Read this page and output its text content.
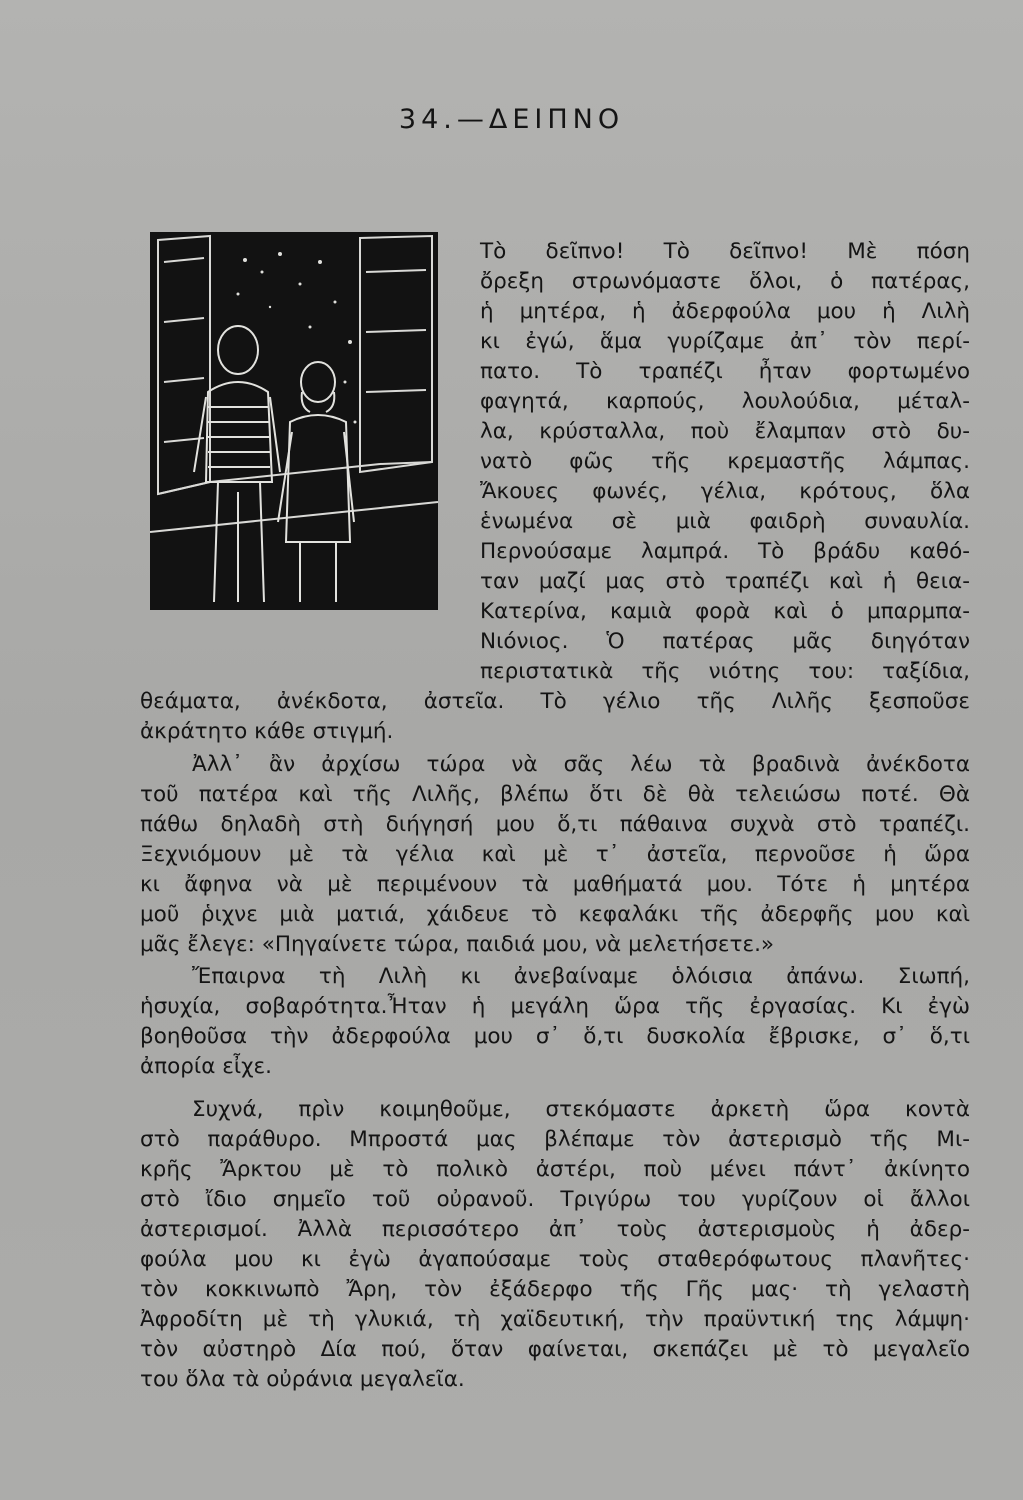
34.—ΔΕΙΠΝΟ
Τὸ δεῖπνο! Τὸ δεῖπνο! Μὲ πόση
ὄρεξη στρωνόμαστε ὅλοι, ὁ πατέρας,
ἡ μητέρα, ἡ ἀδερφούλα μου ἡ Λιλὴ
κι ἐγώ, ἅμα γυρίζαμε ἀπ᾽ τὸν περί-
πατο. Τὸ τραπέζι ἦταν φορτωμένο
φαγητά, καρπούς, λουλούδια, μέταλ-
λα, κρύσταλλα, ποὺ ἔλαμπαν στὸ δυ-
νατὸ φῶς τῆς κρεμαστῆς λάμπας.
Ἄκουες φωνές, γέλια, κρότους, ὅλα
ἑνωμένα σὲ μιὰ φαιδρὴ συναυλία.
Περνούσαμε λαμπρά. Τὸ βράδυ καθό-
ταν μαζί μας στὸ τραπέζι καὶ ἡ θεια-
Κατερίνα, καμιὰ φορὰ καὶ ὁ μπαρμπα-
Νιόνιος. Ὁ πατέρας μᾶς διηγόταν
περιστατικὰ τῆς νιότης του: ταξίδια,
θεάματα, ἀνέκδοτα, ἀστεῖα. Τὸ γέλιο τῆς Λιλῆς ξεσποῦσε
ἀκράτητο κάθε στιγμή.
Ἀλλ᾽ ἂν ἀρχίσω τώρα νὰ σᾶς λέω τὰ βραδινὰ ἀνέκδοτα
τοῦ πατέρα καὶ τῆς Λιλῆς, βλέπω ὅτι δὲ θὰ τελειώσω ποτέ. Θὰ
πάθω δηλαδὴ στὴ διήγησή μου ὅ,τι πάθαινα συχνὰ στὸ τραπέζι.
Ξεχνιόμουν μὲ τὰ γέλια καὶ μὲ τ᾽ ἀστεῖα, περνοῦσε ἡ ὥρα
κι ἄφηνα νὰ μὲ περιμένουν τὰ μαθήματά μου. Τότε ἡ μητέρα
μοῦ ῥιχνε μιὰ ματιά, χάιδευε τὸ κεφαλάκι τῆς ἀδερφῆς μου καὶ
μᾶς ἔλεγε: «Πηγαίνετε τώρα, παιδιά μου, νὰ μελετήσετε.»
Ἔπαιρνα τὴ Λιλὴ κι ἀνεβαίναμε ὁλόισια ἀπάνω. Σιωπή,
ἡσυχία, σοβαρότητα.Ἦταν ἡ μεγάλη ὥρα τῆς ἐργασίας. Κι ἐγὼ
βοηθοῦσα τὴν ἀδερφούλα μου σ᾽ ὅ,τι δυσκολία ἔβρισκε, σ᾽ ὅ,τι
ἀπορία εἶχε.
Συχνά, πρὶν κοιμηθοῦμε, στεκόμαστε ἀρκετὴ ὥρα κοντὰ
στὸ παράθυρο. Μπροστά μας βλέπαμε τὸν ἀστερισμὸ τῆς Μι-
κρῆς Ἄρκτου μὲ τὸ πολικὸ ἀστέρι, ποὺ μένει πάντ᾽ ἀκίνητο
στὸ ἴδιο σημεῖο τοῦ οὐρανοῦ. Τριγύρω του γυρίζουν οἱ ἄλλοι
ἀστερισμοί. Ἀλλὰ περισσότερο ἀπ᾽ τοὺς ἀστερισμοὺς ἡ ἀδερ-
φούλα μου κι ἐγὼ ἀγαπούσαμε τοὺς σταθερόφωτους πλανῆτες·
τὸν κοκκινωπὸ Ἄρη, τὸν ἐξάδερφο τῆς Γῆς μας· τὴ γελαστὴ
Ἀφροδίτη μὲ τὴ γλυκιά, τὴ χαϊδευτική, τὴν πραϋντική της λάμψη·
τὸν αὐστηρὸ Δία πού, ὅταν φαίνεται, σκεπάζει μὲ τὸ μεγαλεῖο
του ὅλα τὰ οὐράνια μεγαλεῖα.
